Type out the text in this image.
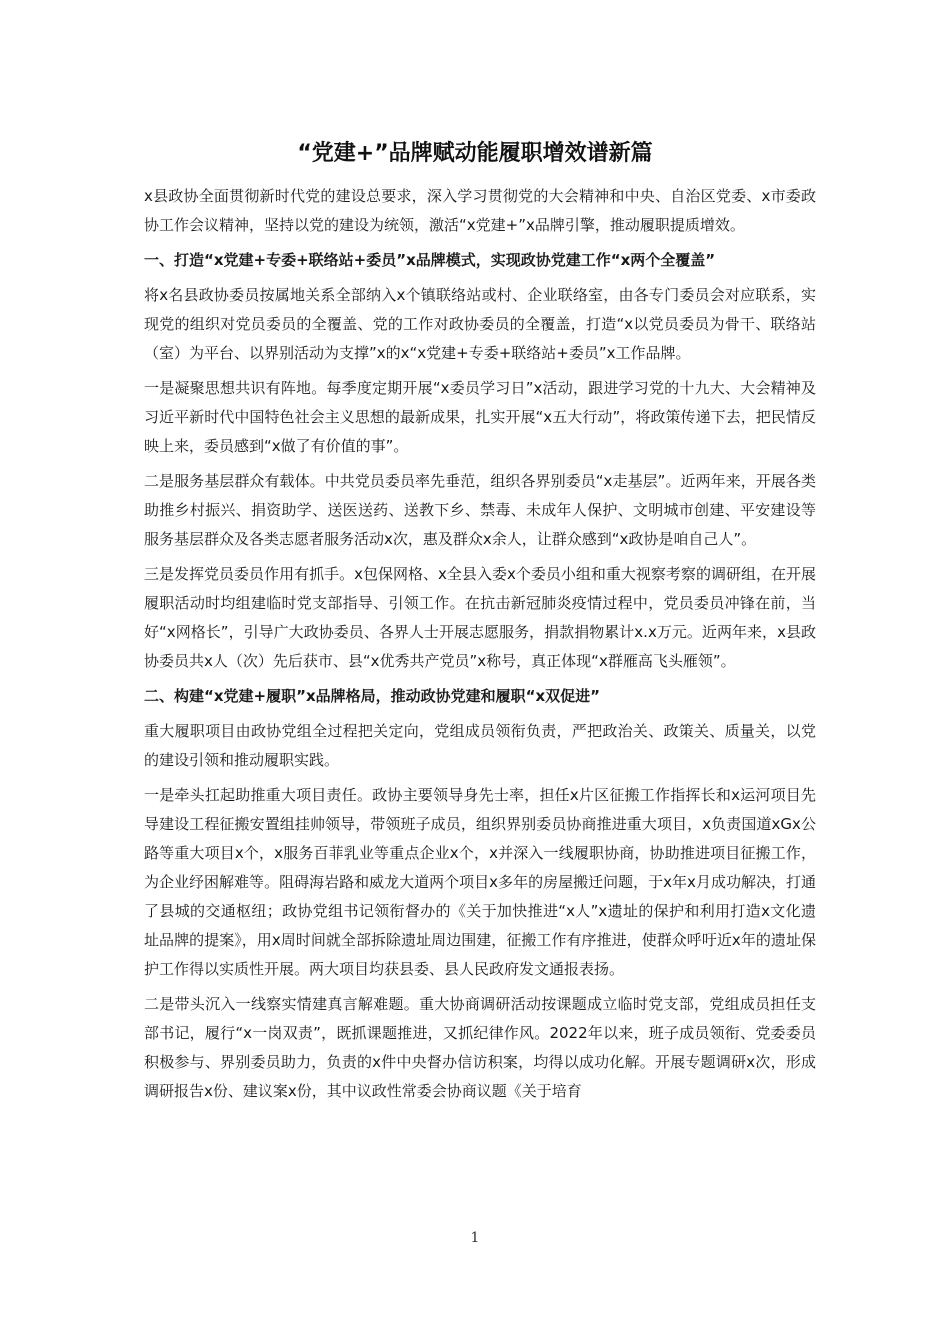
“党建+”品牌赋动能履职增效谱新篇

x县政协全面贯彻新时代党的建设总要求，深入学习贯彻党的大会精神和中央、自治区党委、x市委政协工作会议精神，坚持以党的建设为统领，激活“x党建+”x品牌引擎，推动履职提质增效。

一、打造“x党建+专委+联络站+委员”x品牌模式，实现政协党建工作“x两个全覆盖”

将x名县政协委员按属地关系全部纳入x个镇联络站或村、企业联络室，由各专门委员会对应联系，实现党的组织对党员委员的全覆盖、党的工作对政协委员的全覆盖，打造“x以党员委员为骨干、联络站（室）为平台、以界别活动为支撑”x的x“x党建+专委+联络站+委员”x工作品牌。

一是凝聚思想共识有阵地。每季度定期开展“x委员学习日”x活动，跟进学习党的十九大、大会精神及习近平新时代中国特色社会主义思想的最新成果，扎实开展“x五大行动”，将政策传递下去，把民情反映上来，委员感到“x做了有价值的事”。

二是服务基层群众有载体。中共党员委员率先垂范，组织各界别委员“x走基层”。近两年来，开展各类助推乡村振兴、捐资助学、送医送药、送教下乡、禁毒、未成年人保护、文明城市创建、平安建设等服务基层群众及各类志愿者服务活动x次，惠及群众x余人，让群众感到“x政协是咱自己人”。

三是发挥党员委员作用有抓手。x包保网格、x全县入委x个委员小组和重大视察考察的调研组，在开展履职活动时均组建临时党支部指导、引领工作。在抗击新冠肺炎疫情过程中，党员委员冲锋在前，当好“x网格长”，引导广大政协委员、各界人士开展志愿服务，捐款捐物累计x.x万元。近两年来，x县政协委员共x人（次）先后获市、县“x优秀共产党员”x称号，真正体现“x群雁高飞头雁领”。

二、构建“x党建+履职”x品牌格局，推动政协党建和履职“x双促进”

重大履职项目由政协党组全过程把关定向，党组成员领衔负责，严把政治关、政策关、质量关，以党的建设引领和推动履职实践。

一是牵头扛起助推重大项目责任。政协主要领导身先士率，担任x片区征搬工作指挥长和x运河项目先导建设工程征搬安置组挂帅领导，带领班子成员，组织界别委员协商推进重大项目，x负责国道xGx公路等重大项目x个，x服务百菲乳业等重点企业x个，x并深入一线履职协商，协助推进项目征搬工作，为企业纾困解难等。阻碍海岩路和威龙大道两个项目x多年的房屋搬迁问题，于x年x月成功解决，打通了县城的交通枢纽；政协党组书记领衔督办的《关于加快推进“x人”x遗址的保护和利用打造x文化遗址品牌的提案》，用x周时间就全部拆除遗址周边围建，征搬工作有序推进，使群众呼吁近x年的遗址保护工作得以实质性开展。两大项目均获县委、县人民政府发文通报表扬。

二是带头沉入一线察实情建真言解难题。重大协商调研活动按课题成立临时党支部，党组成员担任支部书记，履行“x一岗双责”，既抓课题推进，又抓纪律作风。2022年以来，班子成员领衔、党委委员积极参与、界别委员助力，负责的x件中央督办信访积案，均得以成功化解。开展专题调研x次，形成调研报告x份、建议案x份，其中议政性常委会协商议题《关于培育

1
